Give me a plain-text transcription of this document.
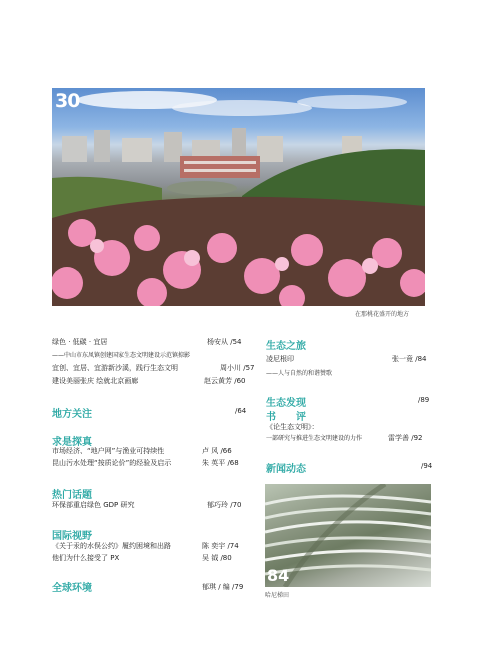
30
在那桃花盛开的地方
绿色 · 低碳 · 宜居	杨安从 /54
——中山市东凤镇创建国家生态文明建设示范镇掠影
宜创、宜居、宜游新沙溪，践行生态文明	周小川 /57
建设美丽张庆 绘就北京画廊	赵云黄芳 /60
地方关注	/64
求是探真
市场经济、“地户网”与渔业可持续性	卢 风 /66
昆山污水处理“按质论价”的经验及启示	朱 英平 /68
热门话题
环保部重启绿色 GDP 研究	郁巧玲 /70
国际视野
《关于汞的水俣公约》履约困境和出路	陈 奕宇 /74
他们为什么接受了 PX	吴 钺 /80
全球环境	郁琪 / 编 /79
生态之旅
凌尼根印	张一竟 /84
——人与自然的和谐赞歌
生态发现	/89
书　　评
《论生态文明》：
一部研究与推进生态文明建设的力作	雷学善 /92
新闻动态	/94
84
哈尼梯田
